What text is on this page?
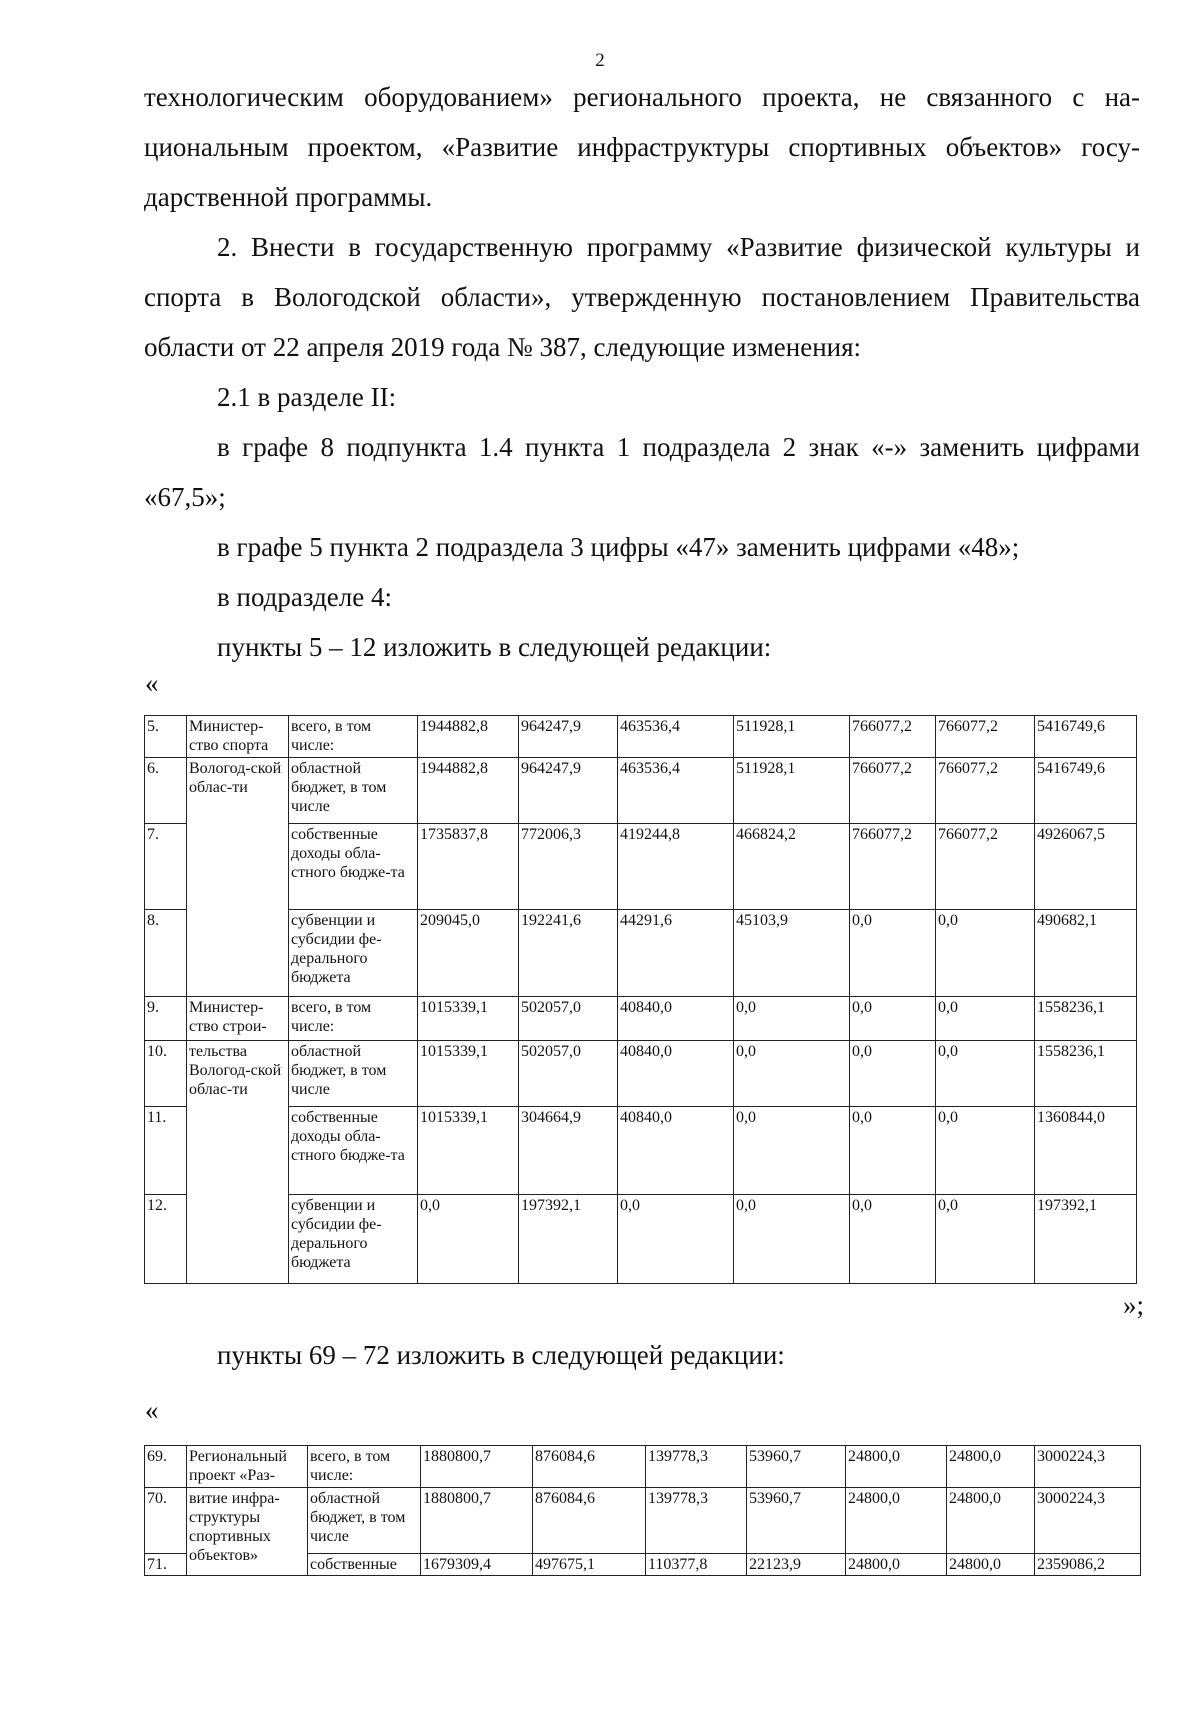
2

технологическим оборудованием» регионального проекта, не связанного с на-циональным проектом, «Развитие инфраструктуры спортивных объектов» госу-дарственной программы.

2. Внести в государственную программу «Развитие физической культуры и спорта в Вологодской области», утвержденную постановлением Правительства области от 22 апреля 2019 года № 387, следующие изменения:

2.1 в разделе II:

в графе 8 подпункта 1.4 пункта 1 подраздела 2 знак «-» заменить цифрами «67,5»;

в графе 5 пункта 2 подраздела 3 цифры «47» заменить цифрами «48»;

в подразделе 4:

пункты 5 – 12 изложить в следующей редакции:

«
5.	Министер-ство спорта	всего, в том числе:	1944882,8	964247,9	463536,4	511928,1	766077,2	766077,2	5416749,6
6.	Вологод-ской облас-ти	областной бюджет, в том числе	1944882,8	964247,9	463536,4	511928,1	766077,2	766077,2	5416749,6
7.		собственные доходы обла-стного бюдже-та	1735837,8	772006,3	419244,8	466824,2	766077,2	766077,2	4926067,5
8.		субвенции и субсидии фе-дерального бюджета	209045,0	192241,6	44291,6	45103,9	0,0	0,0	490682,1
9.	Министер-ство строи-	всего, в том числе:	1015339,1	502057,0	40840,0	0,0	0,0	0,0	1558236,1
10.	тельства Вологод-ской облас-ти	областной бюджет, в том числе	1015339,1	502057,0	40840,0	0,0	0,0	0,0	1558236,1
11.		собственные доходы обла-стного бюдже-та	1015339,1	304664,9	40840,0	0,0	0,0	0,0	1360844,0
12.		субвенции и субсидии фе-дерального бюджета	0,0	197392,1	0,0	0,0	0,0	0,0	197392,1
»;
пункты 69 – 72 изложить в следующей редакции:
«
69.	Региональный проект «Раз-	всего, в том числе:	1880800,7	876084,6	139778,3	53960,7	24800,0	24800,0	3000224,3
70.	витие инфра-структуры спортивных объектов»	областной бюджет, в том числе	1880800,7	876084,6	139778,3	53960,7	24800,0	24800,0	3000224,3
71.		собственные	1679309,4	497675,1	110377,8	22123,9	24800,0	24800,0	2359086,2
